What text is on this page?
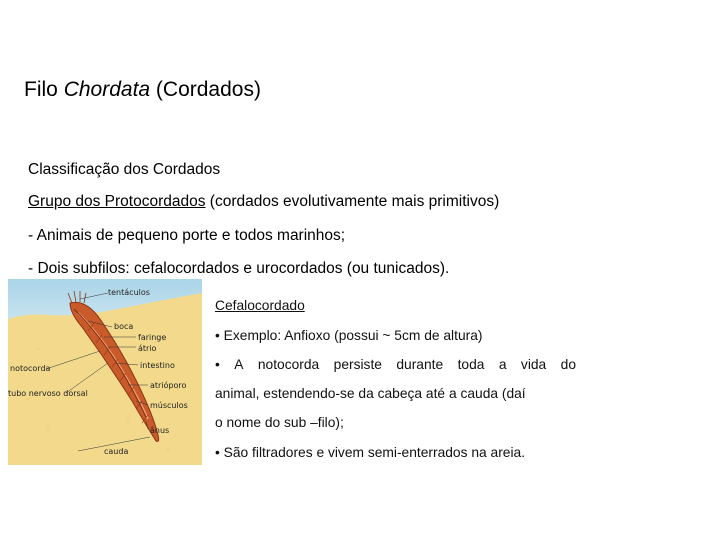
Filo Chordata (Cordados)
Classificação dos Cordados
Grupo dos Protocordados (cordados evolutivamente mais primitivos)
- Animais de pequeno porte e todos marinhos;
- Dois subfilos: cefalocordados e urocordados (ou tunicados).
tentáculos
boca
faringe
átrio
notocorda	intestino
tubo nervoso dorsal
atrióporo
músculos
ânus
cauda
Cefalocordado
• Exemplo: Anfioxo (possui ~ 5cm de altura)
• A notocorda persiste durante toda a vida do
animal, estendendo-se da cabeça até a cauda (daí
o nome do sub –filo);
• São filtradores e vivem semi-enterrados na areia.
